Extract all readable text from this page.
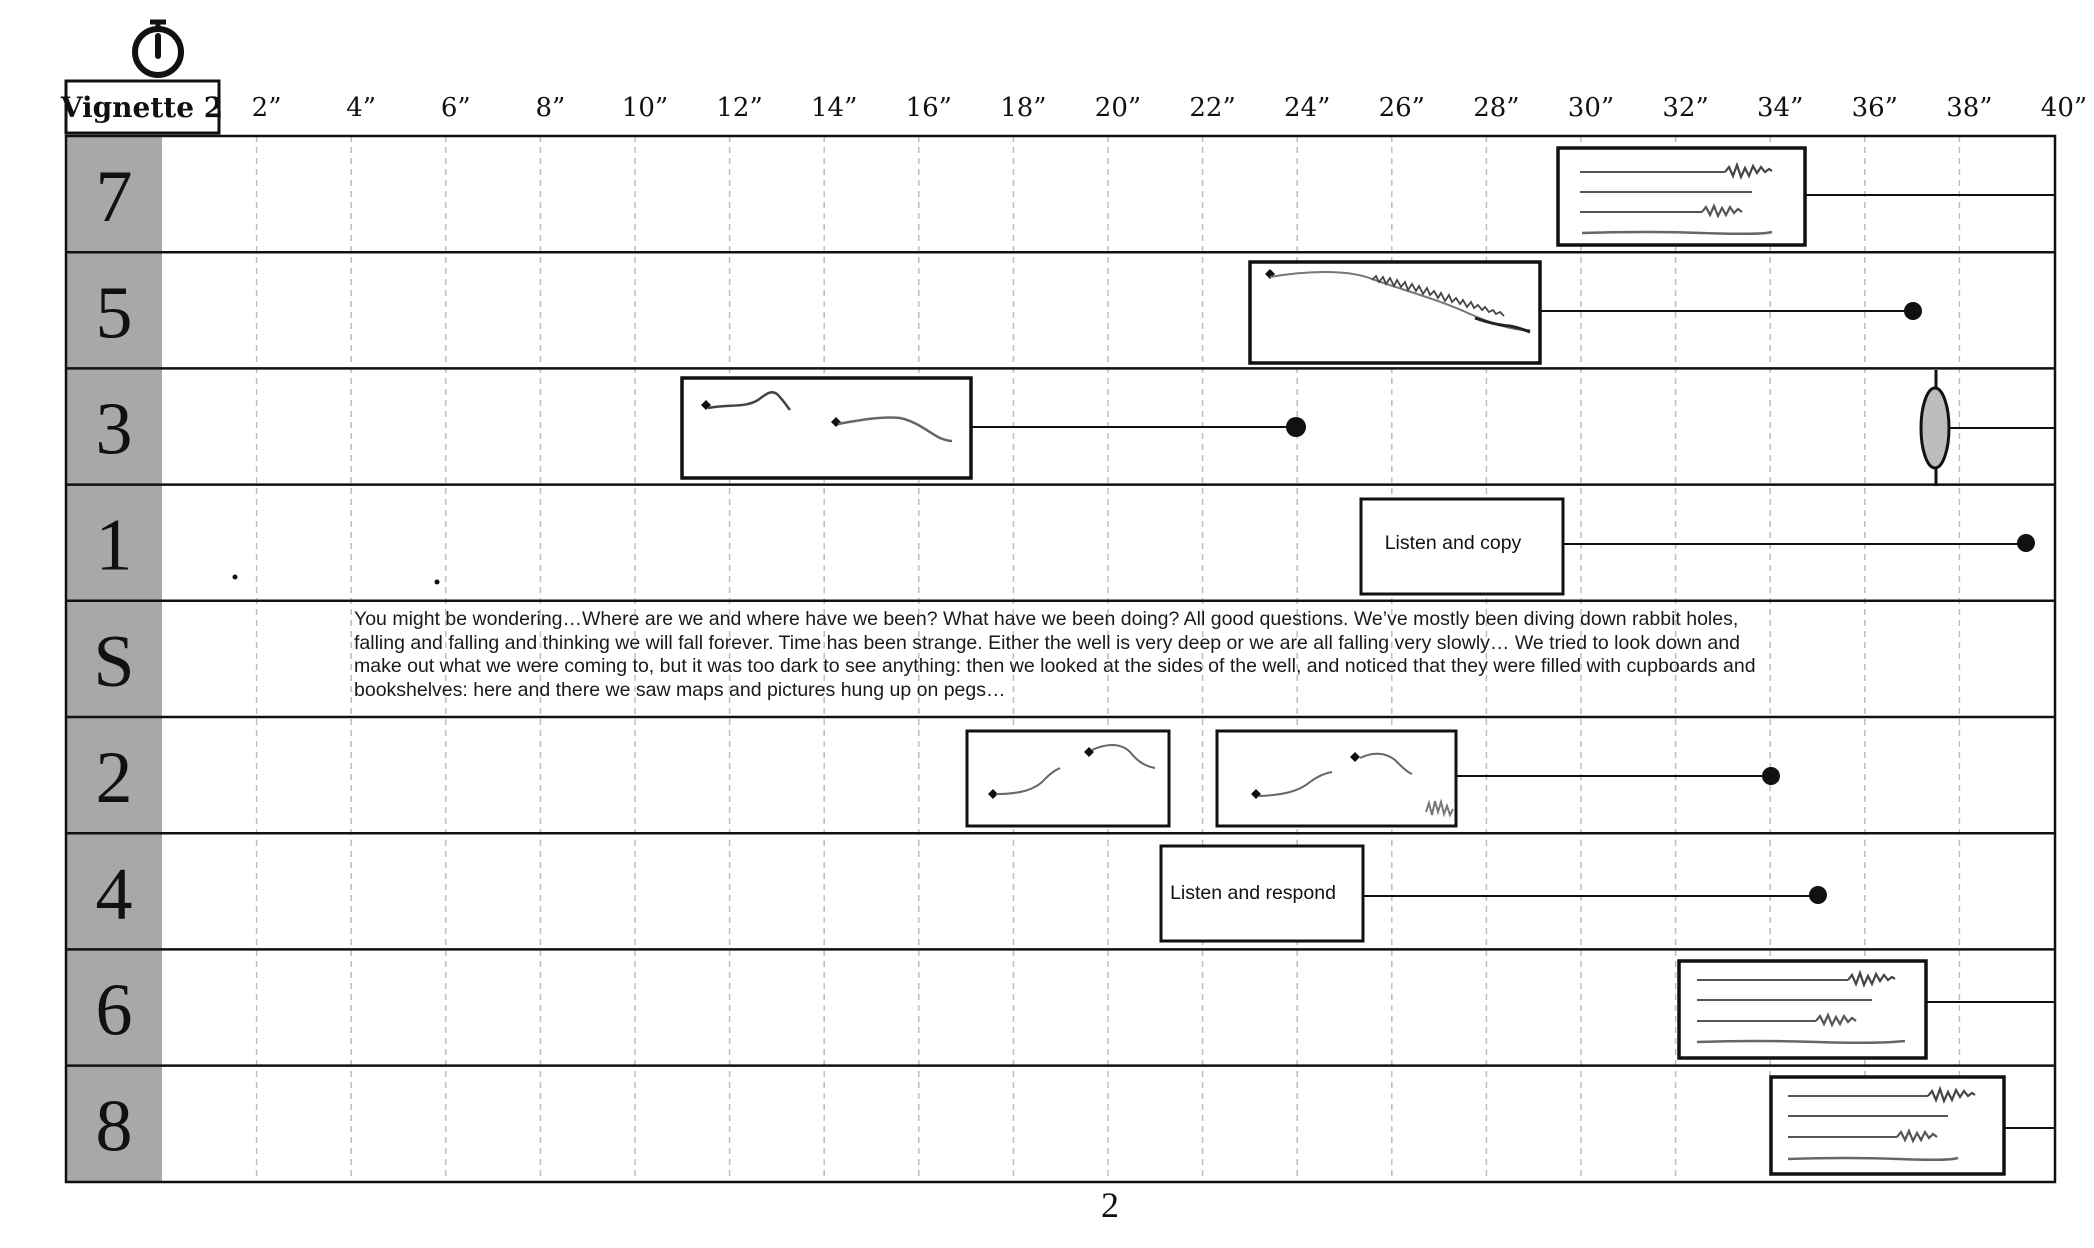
Vignette 2 2” 4” 6” 8” 10” 12” 14” 16” 18” 20” 22” 24” 26” 28” 30” 32” 34” 36” 38” 40”
7
5
3
1
S
2
4
6
8
Listen and copy
Listen and respond

You might be wondering…Where are we and where have we been? What have we been doing? All good questions. We’ve mostly been diving down rabbit holes, falling and falling and thinking we will fall forever. Time has been strange. Either the well is very deep or we are all falling very slowly… We tried to look down and make out what we were coming to, but it was too dark to see anything: then we looked at the sides of the well, and noticed that they were filled with cupboards and bookshelves: here and there we saw maps and pictures hung up on pegs…

2
